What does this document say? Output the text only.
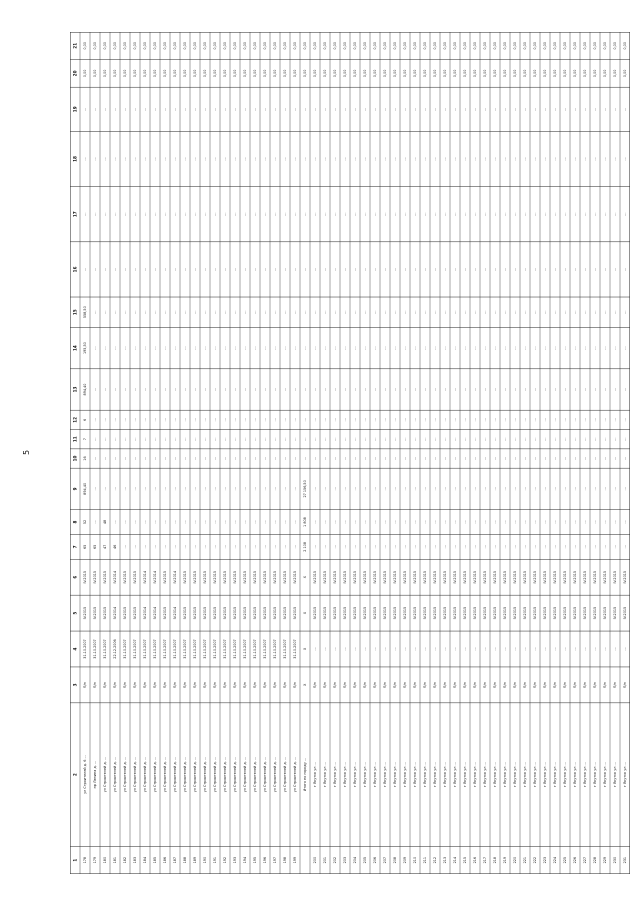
5
1
2
3
4
5
6
7
8
9
10
11
12
13
14
15
16
17
18
19
20
21
178
ул Строителей д. 6 ...
б/н
31.10.2007
IV.2015
IV.2015
65
52
894,40
16
7
6
894,40
195,50
558,50
...
...
...
...
0,00
0,00
179
пр Ленина д. ...
б/н
31.10.2007
IV.2015
IV.2015
65
...
...
...
...
...
...
...
...
...
...
...
...
0,00
0,00
180
ул Строителей д. ...
б/н
31.10.2007
IV.2015
IV.2015
47
48
...
...
...
...
...
...
...
...
...
...
...
0,00
0,00
181
ул Строителей д. ...
б/н
22.12.2006
IV.2014
IV.2014
46
...
...
...
...
...
...
...
...
...
...
...
...
0,00
0,00
182
ул Строителей д. ...
б/н
31.10.2007
IV.2015
IV.2015
...
...
...
...
...
...
...
...
...
...
...
...
...
0,00
0,00
183
ул Строителей д. ...
б/н
31.10.2007
IV.2015
IV.2015
...
...
...
...
...
...
...
...
...
...
...
...
...
0,00
0,00
184
ул Строителей д. ...
б/н
31.10.2007
IV.2014
IV.2014
...
...
...
...
...
...
...
...
...
...
...
...
...
0,00
0,00
185
ул Строителей д. ...
б/н
31.10.2007
IV.2014
IV.2014
...
...
...
...
...
...
...
...
...
...
...
...
...
0,00
0,00
186
ул Строителей д. ...
б/н
31.10.2007
IV.2015
IV.2015
...
...
...
...
...
...
...
...
...
...
...
...
...
0,00
0,00
187
ул Строителей д. ...
б/н
31.10.2007
IV.2014
IV.2014
...
...
...
...
...
...
...
...
...
...
...
...
...
0,00
0,00
188
ул Строителей д. ...
б/н
31.10.2007
IV.2015
IV.2015
...
...
...
...
...
...
...
...
...
...
...
...
...
0,00
0,00
189
ул Строителей д. ...
б/н
31.10.2007
IV.2015
IV.2015
...
...
...
...
...
...
...
...
...
...
...
...
...
0,00
0,00
190
ул Строителей д. ...
б/н
31.10.2007
IV.2015
IV.2015
...
...
...
...
...
...
...
...
...
...
...
...
...
0,00
0,00
191
ул Строителей д. ...
б/н
31.10.2007
IV.2015
IV.2015
...
...
...
...
...
...
...
...
...
...
...
...
...
0,00
0,00
192
ул Строителей д. ...
б/н
31.10.2007
IV.2015
IV.2015
...
...
...
...
...
...
...
...
...
...
...
...
...
0,00
0,00
193
ул Строителей д. ...
б/н
31.10.2007
IV.2015
IV.2015
...
...
...
...
...
...
...
...
...
...
...
...
...
0,00
0,00
194
ул Строителей д. ...
б/н
31.10.2007
IV.2015
IV.2015
...
...
...
...
...
...
...
...
...
...
...
...
...
0,00
0,00
195
ул Строителей д. ...
б/н
31.10.2007
IV.2015
IV.2015
...
...
...
...
...
...
...
...
...
...
...
...
...
0,00
0,00
196
ул Строителей д. ...
б/н
31.10.2007
IV.2015
IV.2015
...
...
...
...
...
...
...
...
...
...
...
...
...
0,00
0,00
197
ул Строителей д. ...
б/н
31.10.2007
IV.2015
IV.2015
...
...
...
...
...
...
...
...
...
...
...
...
...
0,00
0,00
198
ул Строителей д. ...
б/н
31.10.2007
IV.2015
IV.2015
...
...
...
...
...
...
...
...
...
...
...
...
...
0,00
0,00
199
ул Строителей д. ...
б/н
31.10.2007
IV.2015
IV.2015
...
...
...
...
...
...
...
...
...
...
...
...
...
0,00
0,00
Итого по городу ...
Х
Х
Х
Х
2 108
1 808
27 156,50
...
...
...
...
...
...
...
...
...
...
0,00
0,00
200
г Якутск ул ...
б/н
...
IV.2015
IV.2015
...
...
...
...
...
...
...
...
...
...
...
...
...
0,00
0,00
201
г Якутск ул ...
б/н
...
IV.2015
IV.2015
...
...
...
...
...
...
...
...
...
...
...
...
...
0,00
0,00
202
г Якутск ул ...
б/н
...
IV.2015
IV.2015
...
...
...
...
...
...
...
...
...
...
...
...
...
0,00
0,00
203
г Якутск ул ...
б/н
...
IV.2015
IV.2015
...
...
...
...
...
...
...
...
...
...
...
...
...
0,00
0,00
204
г Якутск ул ...
б/н
...
IV.2015
IV.2015
...
...
...
...
...
...
...
...
...
...
...
...
...
0,00
0,00
205
г Якутск ул ...
б/н
...
IV.2015
IV.2015
...
...
...
...
...
...
...
...
...
...
...
...
...
0,00
0,00
206
г Якутск ул ...
б/н
...
IV.2015
IV.2015
...
...
...
...
...
...
...
...
...
...
...
...
...
0,00
0,00
207
г Якутск ул ...
б/н
...
IV.2015
IV.2015
...
...
...
...
...
...
...
...
...
...
...
...
...
0,00
0,00
208
г Якутск ул ...
б/н
...
IV.2015
IV.2015
...
...
...
...
...
...
...
...
...
...
...
...
...
0,00
0,00
209
г Якутск ул ...
б/н
...
IV.2015
IV.2015
...
...
...
...
...
...
...
...
...
...
...
...
...
0,00
0,00
210
г Якутск ул ...
б/н
...
IV.2015
IV.2015
...
...
...
...
...
...
...
...
...
...
...
...
...
0,00
0,00
211
г Якутск ул ...
б/н
...
IV.2015
IV.2015
...
...
...
...
...
...
...
...
...
...
...
...
...
0,00
0,00
212
г Якутск ул ...
б/н
...
IV.2015
IV.2015
...
...
...
...
...
...
...
...
...
...
...
...
...
0,00
0,00
213
г Якутск ул ...
б/н
...
IV.2015
IV.2015
...
...
...
...
...
...
...
...
...
...
...
...
...
0,00
0,00
214
г Якутск ул ...
б/н
...
IV.2015
IV.2015
...
...
...
...
...
...
...
...
...
...
...
...
...
0,00
0,00
215
г Якутск ул ...
б/н
...
IV.2015
IV.2015
...
...
...
...
...
...
...
...
...
...
...
...
...
0,00
0,00
216
г Якутск ул ...
б/н
...
IV.2015
IV.2015
...
...
...
...
...
...
...
...
...
...
...
...
...
0,00
0,00
217
г Якутск ул ...
б/н
...
IV.2015
IV.2015
...
...
...
...
...
...
...
...
...
...
...
...
...
0,00
0,00
218
г Якутск ул ...
б/н
...
IV.2015
IV.2015
...
...
...
...
...
...
...
...
...
...
...
...
...
0,00
0,00
219
г Якутск ул ...
б/н
...
IV.2015
IV.2015
...
...
...
...
...
...
...
...
...
...
...
...
...
0,00
0,00
220
г Якутск ул ...
б/н
...
IV.2015
IV.2015
...
...
...
...
...
...
...
...
...
...
...
...
...
0,00
0,00
221
г Якутск ул ...
б/н
...
IV.2015
IV.2015
...
...
...
...
...
...
...
...
...
...
...
...
...
0,00
0,00
222
г Якутск ул ...
б/н
...
IV.2015
IV.2015
...
...
...
...
...
...
...
...
...
...
...
...
...
0,00
0,00
223
г Якутск ул ...
б/н
...
IV.2015
IV.2015
...
...
...
...
...
...
...
...
...
...
...
...
...
0,00
0,00
224
г Якутск ул ...
б/н
...
IV.2015
IV.2015
...
...
...
...
...
...
...
...
...
...
...
...
...
0,00
0,00
225
г Якутск ул ...
б/н
...
IV.2015
IV.2015
...
...
...
...
...
...
...
...
...
...
...
...
...
0,00
0,00
226
г Якутск ул ...
б/н
...
IV.2015
IV.2015
...
...
...
...
...
...
...
...
...
...
...
...
...
0,00
0,00
227
г Якутск ул ...
б/н
...
IV.2015
IV.2015
...
...
...
...
...
...
...
...
...
...
...
...
...
0,00
0,00
228
г Якутск ул ...
б/н
...
IV.2015
IV.2015
...
...
...
...
...
...
...
...
...
...
...
...
...
0,00
0,00
229
г Якутск ул ...
б/н
...
IV.2015
IV.2015
...
...
...
...
...
...
...
...
...
...
...
...
...
0,00
0,00
230
г Якутск ул ...
б/н
...
IV.2015
IV.2015
...
...
...
...
...
...
...
...
...
...
...
...
...
0,00
0,00
231
г Якутск ул ...
б/н
...
IV.2015
IV.2015
...
...
...
...
...
...
...
...
...
...
...
...
...
0,00
0,00
